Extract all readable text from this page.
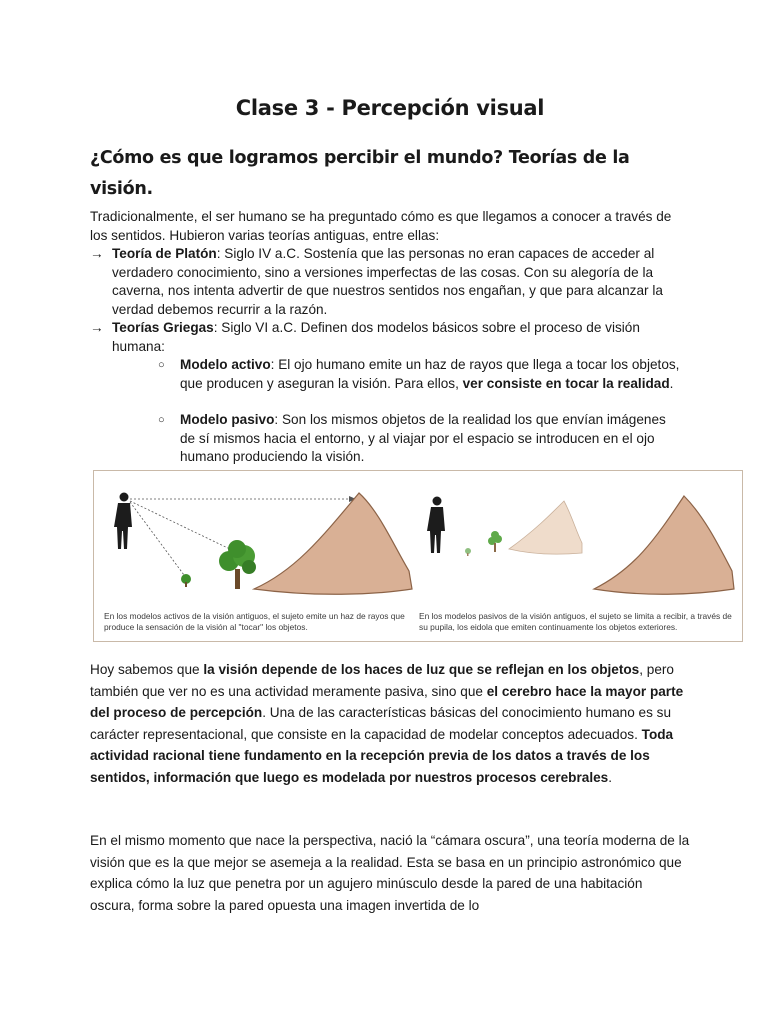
Clase 3 - Percepción visual
¿Cómo es que logramos percibir el mundo? Teorías de la visión.

Tradicionalmente, el ser humano se ha preguntado cómo es que llegamos a conocer a través de los sentidos. Hubieron varias teorías antiguas, entre ellas:

→ Teoría de Platón: Siglo IV a.C. Sostenía que las personas no eran capaces de acceder al verdadero conocimiento, sino a versiones imperfectas de las cosas. Con su alegoría de la caverna, nos intenta advertir de que nuestros sentidos nos engañan, y que para alcanzar la verdad debemos recurrir a la razón.
→ Teorías Griegas: Siglo VI a.C. Definen dos modelos básicos sobre el proceso de visión humana:
○ Modelo activo: El ojo humano emite un haz de rayos que llega a tocar los objetos, que producen y aseguran la visión. Para ellos, ver consiste en tocar la realidad.
○ Modelo pasivo: Son los mismos objetos de la realidad los que envían imágenes de sí mismos hacia el entorno, y al viajar por el espacio se introducen en el ojo humano produciendo la visión.
Hoy sabemos que la visión depende de los haces de luz que se reflejan en los objetos, pero también que ver no es una actividad meramente pasiva, sino que el cerebro hace la mayor parte del proceso de percepción. Una de las características básicas del conocimiento humano es su carácter representacional, que consiste en la capacidad de modelar conceptos adecuados. Toda actividad racional tiene fundamento en la recepción previa de los datos a través de los sentidos, información que luego es modelada por nuestros procesos cerebrales.
En el mismo momento que nace la perspectiva, nació la “cámara oscura”, una teoría moderna de la visión que es la que mejor se asemeja a la realidad. Esta se basa en un principio astronómico que explica cómo la luz que penetra por un agujero minúsculo desde la pared de una habitación oscura, forma sobre la pared opuesta una imagen invertida de lo
En los modelos activos de la visión antiguos, el sujeto emite un haz de rayos que produce la sensación de la visión al "tocar" los objetos.
En los modelos pasivos de la visión antiguos, el sujeto se limita a recibir, a través de su pupila, los eidola que emiten continuamente los objetos exteriores.
